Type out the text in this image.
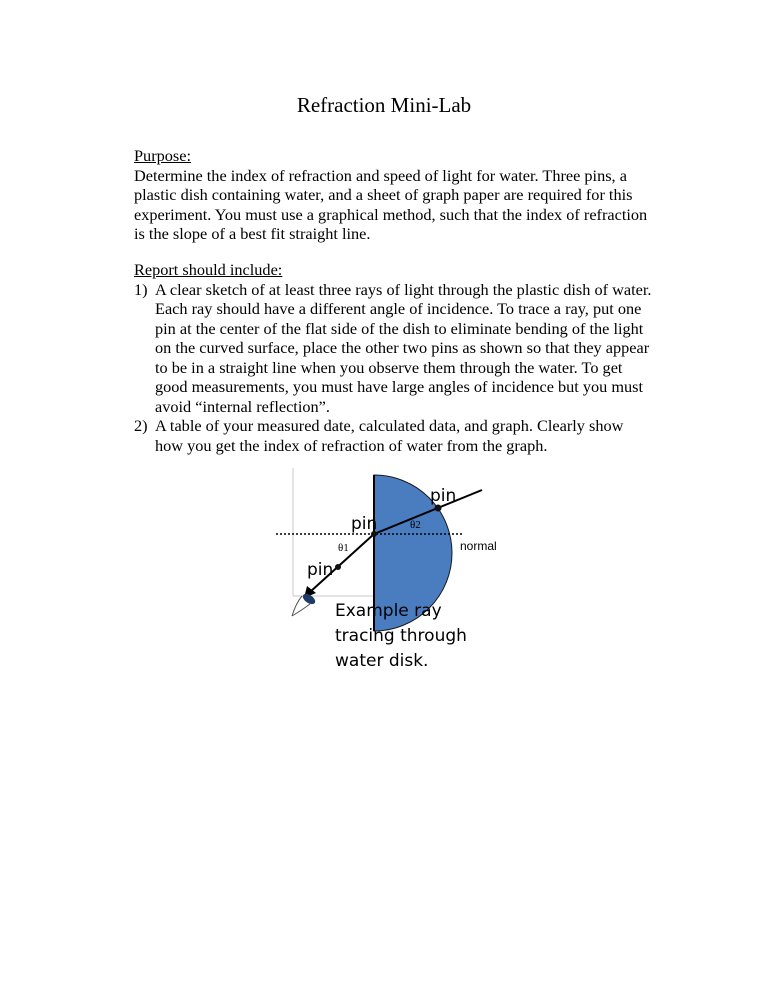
Refraction Mini-Lab
Purpose:
Determine the index of refraction and speed of light for water. Three pins, a plastic dish containing water, and a sheet of graph paper are required for this experiment. You must use a graphical method, such that the index of refraction is the slope of a best fit straight line.
Report should include:
1) A clear sketch of at least three rays of light through the plastic dish of water. Each ray should have a different angle of incidence. To trace a ray, put one pin at the center of the flat side of the dish to eliminate bending of the light on the curved surface, place the other two pins as shown so that they appear to be in a straight line when you observe them through the water. To get good measurements, you must have large angles of incidence but you must avoid “internal reflection”.
2) A table of your measured date, calculated data, and graph. Clearly show how you get the index of refraction of water from the graph.
pin
pin
pin
θ2
θ1	normal
Example ray
tracing through
water disk.
